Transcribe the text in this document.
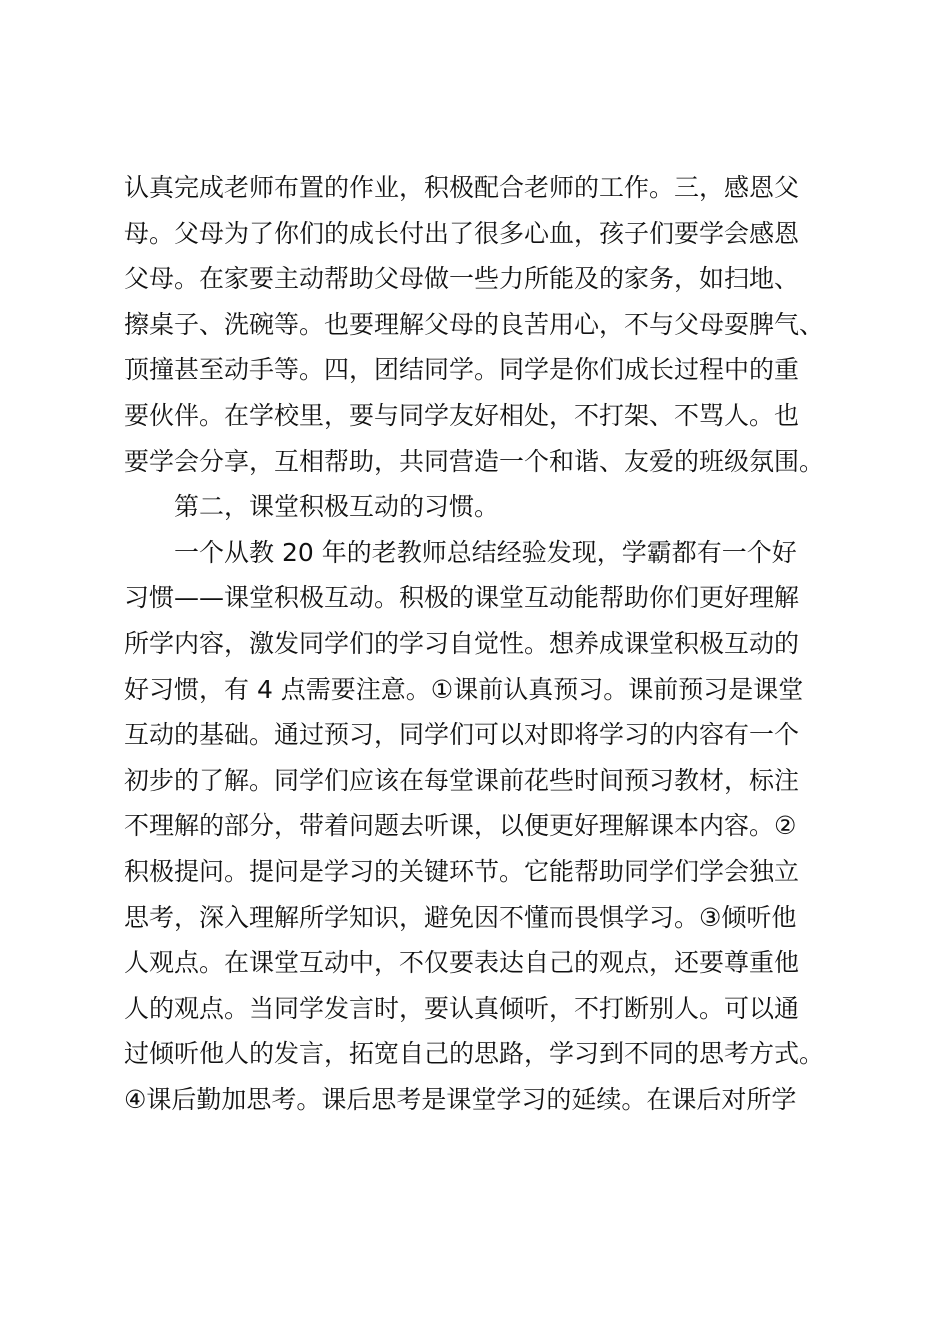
认真完成老师布置的作业，积极配合老师的工作。三，感恩父
母。父母为了你们的成长付出了很多心血，孩子们要学会感恩
父母。在家要主动帮助父母做一些力所能及的家务，如扫地、
擦桌子、洗碗等。也要理解父母的良苦用心，不与父母耍脾气、
顶撞甚至动手等。四，团结同学。同学是你们成长过程中的重
要伙伴。在学校里，要与同学友好相处，不打架、不骂人。也
要学会分享，互相帮助，共同营造一个和谐、友爱的班级氛围。
　　第二，课堂积极互动的习惯。
　　一个从教 20 年的老教师总结经验发现，学霸都有一个好
习惯——课堂积极互动。积极的课堂互动能帮助你们更好理解
所学内容，激发同学们的学习自觉性。想养成课堂积极互动的
好习惯，有 4 点需要注意。①课前认真预习。课前预习是课堂
互动的基础。通过预习，同学们可以对即将学习的内容有一个
初步的了解。同学们应该在每堂课前花些时间预习教材，标注
不理解的部分，带着问题去听课，以便更好理解课本内容。②
积极提问。提问是学习的关键环节。它能帮助同学们学会独立
思考，深入理解所学知识，避免因不懂而畏惧学习。③倾听他
人观点。在课堂互动中，不仅要表达自己的观点，还要尊重他
人的观点。当同学发言时，要认真倾听，不打断别人。可以通
过倾听他人的发言，拓宽自己的思路，学习到不同的思考方式。
④课后勤加思考。课后思考是课堂学习的延续。在课后对所学
